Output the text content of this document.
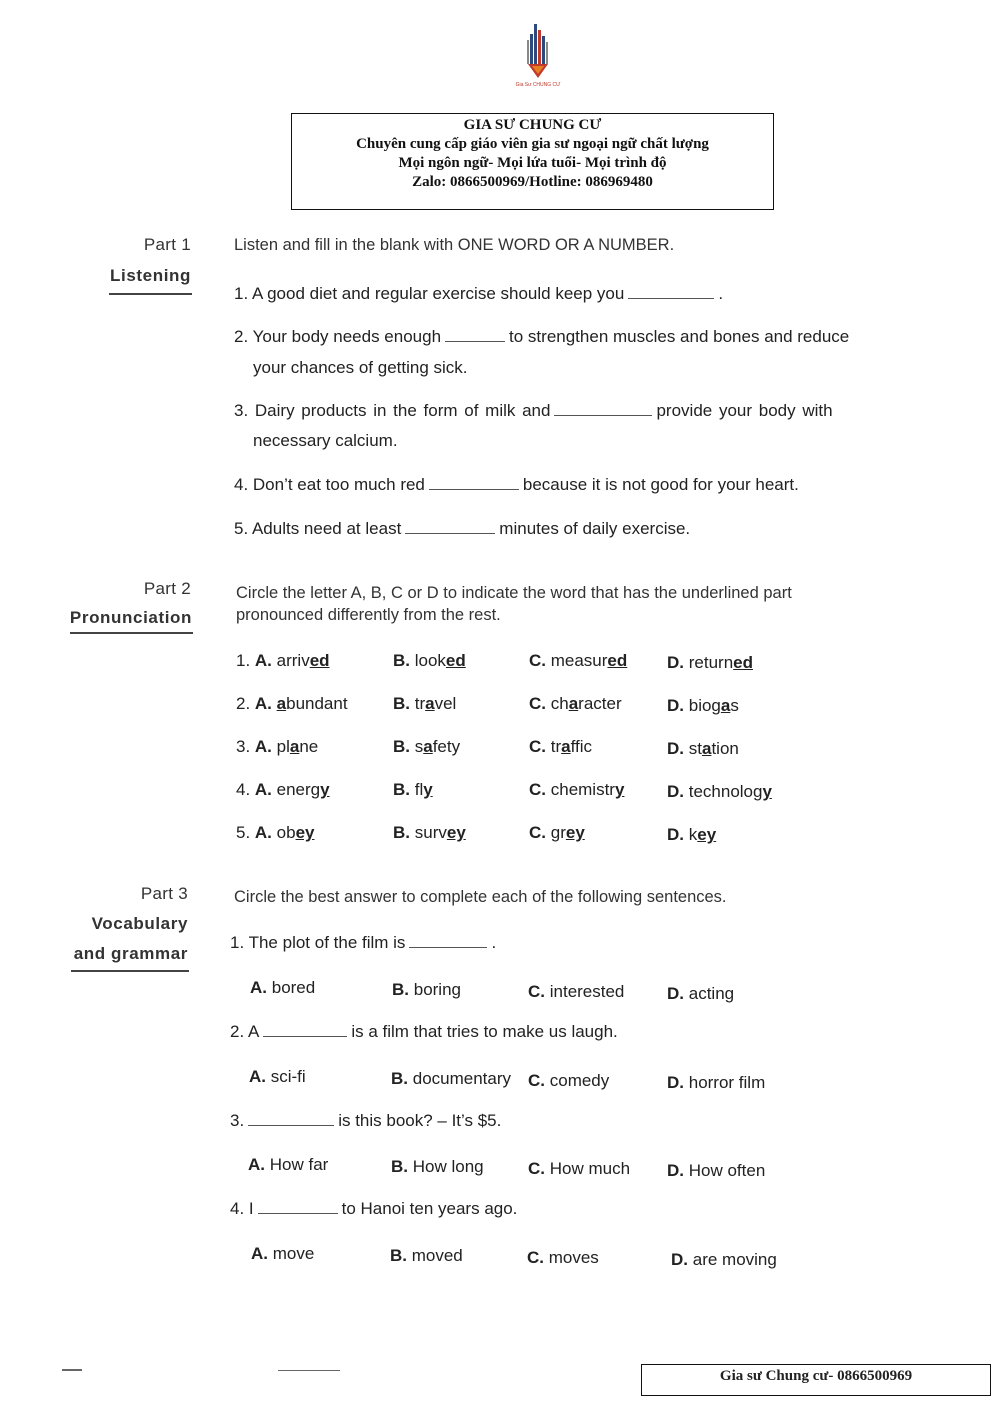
Gia Sư CHUNG CƯ
GIA SƯ CHUNG CƯ
Chuyên cung cấp giáo viên gia sư ngoại ngữ chất lượng
Mọi ngôn ngữ- Mọi lứa tuổi- Mọi trình độ
Zalo: 0866500969/Hotline: 086969480
Part 1
Listening
Listen and fill in the blank with ONE WORD OR A NUMBER.
1. A good diet and regular exercise should keep you	.
2. Your body needs enough	to strengthen muscles and bones and reduce
your chances of getting sick.
3. Dairy products in the form of milk and	provide your body with
necessary calcium.
4. Don’t eat too much red	because it is not good for your heart.
5. Adults need at least	minutes of daily exercise.
Part 2
Pronunciation
Circle the letter A, B, C or D to indicate the word that has the underlined part
pronounced differently from the rest.
1. A. arrived	B. looked	C. measured D. returned
2. A. abundant	B. travel	C. character	D. biogas
3. A. plane	B. safety	C. traffic	D. station
4. A. energy	B. fly	C. chemistry	D. technology
5. A. obey	B. survey	C. grey	D. key
Part 3
Vocabulary
and grammar
Circle the best answer to complete each of the following sentences.
1. The plot of the film is	.
A. bored	B. boring	C. interested	D. acting
2. A	is a film that tries to make us laugh.
A. sci-fi	B. documentary C. comedy	D. horror film
3.	is this book? – It’s $5.
A. How far	B. How long	C. How much D. How often
4. I	to Hanoi ten years ago.
A. move	B. moved	C. moves	D. are moving
Gia sư Chung cư- 0866500969
